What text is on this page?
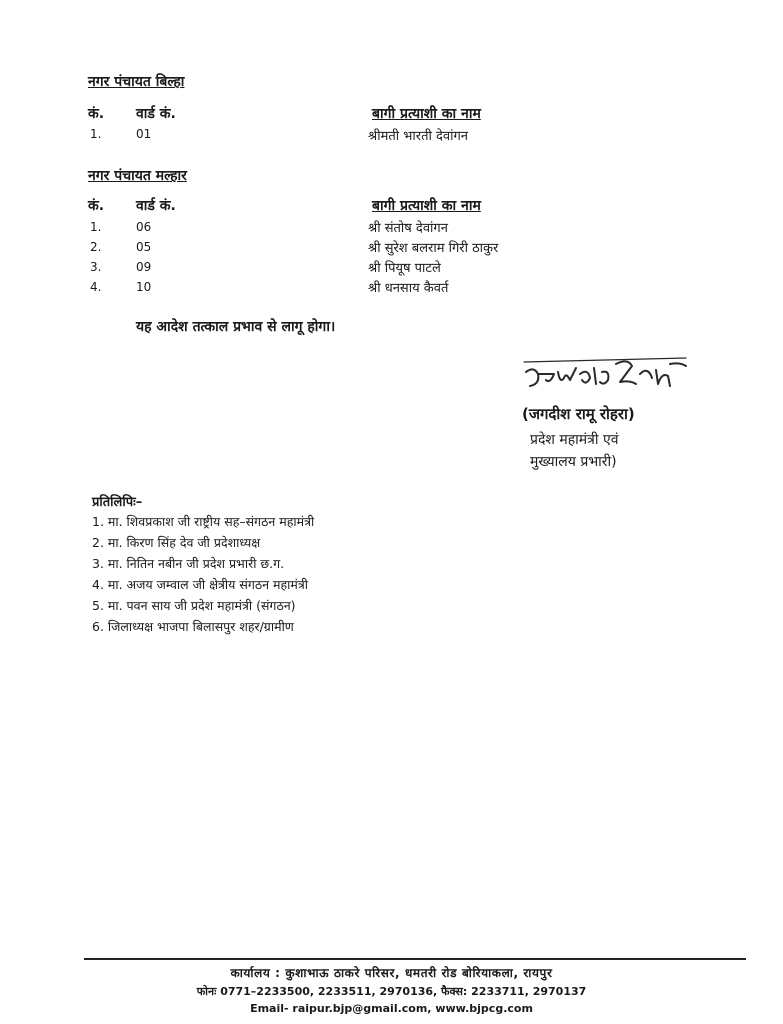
नगर पंचायत बिल्हा
कं. वार्ड कं.	बागी प्रत्याशी का नाम
1.	01	श्रीमती भारती देवांगन
नगर पंचायत मल्हार
कं. वार्ड कं.	बागी प्रत्याशी का नाम
1.	06	श्री संतोष देवांगन
2.	05	श्री सुरेश बलराम गिरी ठाकुर
3.	09	श्री पियूष पाटले
4.	10	श्री धनसाय कैवर्त
यह आदेश तत्काल प्रभाव से लागू होगा।
(जगदीश रामू रोहरा)
प्रदेश महामंत्री एवं
मुख्यालय प्रभारी)
प्रतिलिपिः–
1. मा. शिवप्रकाश जी राष्ट्रीय सह–संगठन महामंत्री
2. मा. किरण सिंह देव जी प्रदेशाध्यक्ष
3. मा. नितिन नबीन जी प्रदेश प्रभारी छ.ग.
4. मा. अजय जम्वाल जी क्षेत्रीय संगठन महामंत्री
5. मा. पवन साय जी प्रदेश महामंत्री (संगठन)
6. जिलाध्यक्ष भाजपा बिलासपुर शहर/ग्रामीण
कार्यालय : कुशाभाऊ ठाकरे परिसर, धमतरी रोड बोरियाकला, रायपुर
फोनः 0771–2233500, 2233511, 2970136, फैक्स: 2233711, 2970137
Email- raipur.bjp@gmail.com, www.bjpcg.com
